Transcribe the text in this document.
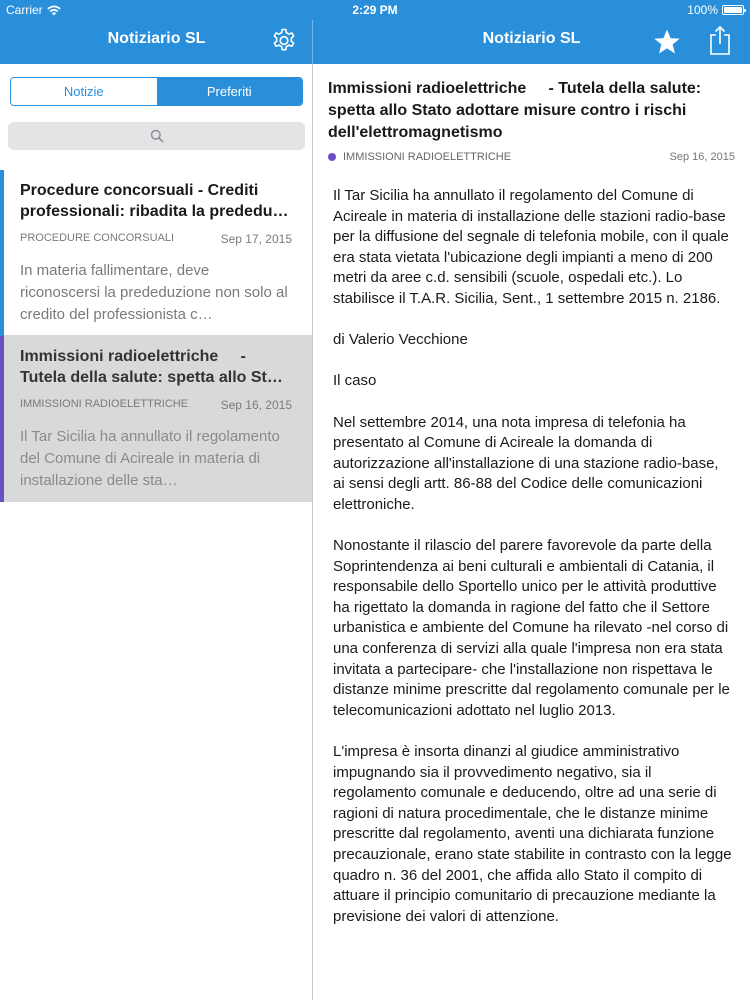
Carrier	2:29 PM	100%
Notiziario SL	Notiziario SL
Notizie	Preferiti
Procedure concorsuali - Crediti professionali: ribadita la prededu…
PROCEDURE CONCORSUALI	Sep 17, 2015
In materia fallimentare, deve riconoscersi la prededuzione non solo al credito del professionista c…
Immissioni radioelettriche     - Tutela della salute: spetta allo St…
IMMISSIONI RADIOELETTRICHE	Sep 16, 2015
Il Tar Sicilia ha annullato il regolamento del Comune di Acireale in materia di installazione delle sta…
Immissioni radioelettriche     - Tutela della salute: spetta allo Stato adottare misure contro i rischi dell'elettromagnetismo
IMMISSIONI RADIOELETTRICHE	Sep 16, 2015

Il Tar Sicilia ha annullato il regolamento del Comune di Acireale in materia di installazione delle stazioni radio-base per la diffusione del segnale di telefonia mobile, con il quale era stata vietata l'ubicazione degli impianti a meno di 200 metri da aree c.d. sensibili (scuole, ospedali etc.). Lo stabilisce il T.A.R. Sicilia, Sent., 1 settembre 2015 n. 2186.

di Valerio Vecchione

Il caso

Nel settembre 2014, una nota impresa di telefonia ha presentato al Comune di Acireale la domanda di autorizzazione all'installazione di una stazione radio-base, ai sensi degli artt. 86-88 del Codice delle comunicazioni elettroniche.

Nonostante il rilascio del parere favorevole da parte della Soprintendenza ai beni culturali e ambientali di Catania, il responsabile dello Sportello unico per le attività produttive ha rigettato la domanda in ragione del fatto che il Settore urbanistica e ambiente del Comune ha rilevato -nel corso di una conferenza di servizi alla quale l'impresa non era stata invitata a partecipare- che l'installazione non rispettava le distanze minime prescritte dal regolamento comunale per le telecomunicazioni adottato nel luglio 2013.

L'impresa è insorta dinanzi al giudice amministrativo impugnando sia il provvedimento negativo, sia il regolamento comunale e deducendo, oltre ad una serie di ragioni di natura procedimentale, che le distanze minime prescritte dal regolamento, aventi una dichiarata funzione precauzionale, erano state stabilite in contrasto con la legge quadro n. 36 del 2001, che affida allo Stato il compito di attuare il principio comunitario di precauzione mediante la previsione dei valori di attenzione.
